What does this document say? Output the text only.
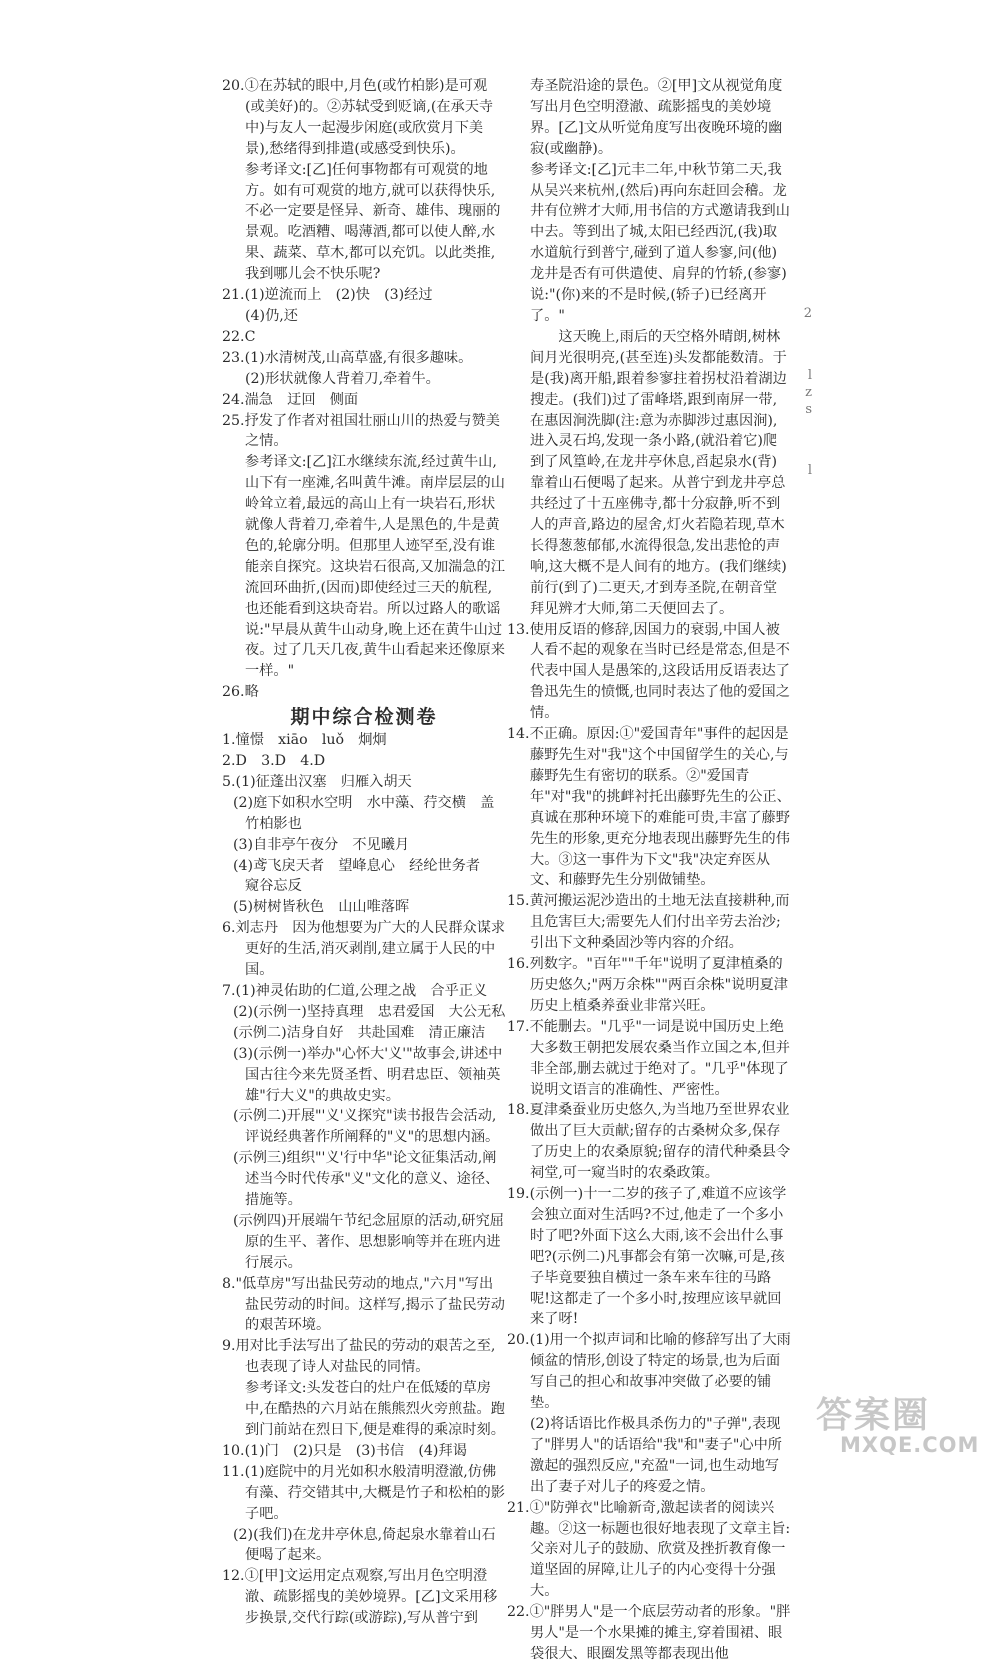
20.①在苏轼的眼中,月色(或竹柏影)是可观(或美好)的。②苏轼受到贬谪,(在承天寺中)与友人一起漫步闲庭(或欣赏月下美景),愁绪得到排遣(或感受到快乐)。

参考译文:[乙]任何事物都有可观赏的地方。如有可观赏的地方,就可以获得快乐,不必一定要是怪异、新奇、雄伟、瑰丽的景观。吃酒糟、喝薄酒,都可以使人醉,水果、蔬菜、草木,都可以充饥。以此类推,我到哪儿会不快乐呢?

21.(1)逆流而上　(2)快　(3)经过

(4)仍,还

22.C

23.(1)水清树茂,山高草盛,有很多趣味。

(2)形状就像人背着刀,牵着牛。

24.湍急　迂回　侧面

25.抒发了作者对祖国壮丽山川的热爱与赞美之情。

参考译文:[乙]江水继续东流,经过黄牛山,山下有一座滩,名叫黄牛滩。南岸层层的山岭耸立着,最远的高山上有一块岩石,形状就像人背着刀,牵着牛,人是黑色的,牛是黄色的,轮廓分明。但那里人迹罕至,没有谁能亲自探究。这块岩石很高,又加湍急的江流回环曲折,(因而)即使经过三天的航程,也还能看到这块奇岩。所以过路人的歌谣说:"早晨从黄牛山动身,晚上还在黄牛山过夜。过了几天几夜,黄牛山看起来还像原来一样。"

26.略

期中综合检测卷

1.憧憬　xiāo　luǒ　炯炯

2.D　3.D　4.D

5.(1)征蓬出汉塞　归雁入胡天

(2)庭下如积水空明　水中藻、荇交横　盖竹柏影也

(3)自非亭午夜分　不见曦月

(4)鸢飞戾天者　望峰息心　经纶世务者　窥谷忘反

(5)树树皆秋色　山山唯落晖

6.刘志丹　因为他想要为广大的人民群众谋求更好的生活,消灭剥削,建立属于人民的中国。

7.(1)神灵佑助的仁道,公理之战　合乎正义

(2)(示例一)坚持真理　忠君爱国　大公无私

(示例二)洁身自好　共赴国难　清正廉洁

(3)(示例一)举办"心怀大'义'"故事会,讲述中国古往今来先贤圣哲、明君忠臣、领袖英雄"行大义"的典故史实。

(示例二)开展"'义'义探究"读书报告会活动,评说经典著作所阐释的"义"的思想内涵。

(示例三)组织"'义'行中华"论文征集活动,阐述当今时代传承"义"文化的意义、途径、措施等。

(示例四)开展端午节纪念屈原的活动,研究屈原的生平、著作、思想影响等并在班内进行展示。

8."低草房"写出盐民劳动的地点,"六月"写出盐民劳动的时间。这样写,揭示了盐民劳动的艰苦环境。

9.用对比手法写出了盐民的劳动的艰苦之至,也表现了诗人对盐民的同情。

参考译文:头发苍白的灶户在低矮的草房中,在酷热的六月站在熊熊烈火旁煎盐。跑到门前站在烈日下,便是难得的乘凉时刻。

10.(1)门　(2)只是　(3)书信　(4)拜谒

11.(1)庭院中的月光如积水般清明澄澈,仿佛有藻、荇交错其中,大概是竹子和松柏的影子吧。

(2)(我们)在龙井亭休息,倚起泉水靠着山石便喝了起来。

12.①[甲]文运用定点观察,写出月色空明澄澈、疏影摇曳的美妙境界。[乙]文采用移步换景,交代行踪(或游踪),写从普宁到

寿圣院沿途的景色。②[甲]文从视觉角度写出月色空明澄澈、疏影摇曳的美妙境界。[乙]文从听觉角度写出夜晚环境的幽寂(或幽静)。

参考译文:[乙]元丰二年,中秋节第二天,我从吴兴来杭州,(然后)再向东赶回会稽。龙井有位辨才大师,用书信的方式邀请我到山中去。等到出了城,太阳已经西沉,(我)取水道航行到普宁,碰到了道人参寥,问(他)龙井是否有可供遣使、肩舁的竹轿,(参寥)说:"(你)来的不是时候,(轿子)已经离开了。"

这天晚上,雨后的天空格外晴朗,树林间月光很明亮,(甚至连)头发都能数清。于是(我)离开船,跟着参寥拄着拐杖沿着湖边搜走。(我们)过了雷峰塔,跟到南屏一带,在惠因涧洗脚(注:意为赤脚涉过惠因涧),进入灵石坞,发现一条小路,(就沿着它)爬到了风篁岭,在龙井亭休息,舀起泉水(背)靠着山石便喝了起来。从普宁到龙井亭总共经过了十五座佛寺,都十分寂静,听不到人的声音,路边的屋舍,灯火若隐若现,草木长得葱葱郁郁,水流得很急,发出悲怆的声响,这大概不是人间有的地方。(我们继续)前行(到了)二更天,才到寿圣院,在朝音堂拜见辨才大师,第二天便回去了。

13.使用反语的修辞,因国力的衰弱,中国人被人看不起的观象在当时已经是常态,但是不代表中国人是愚笨的,这段话用反语表达了鲁迅先生的愤慨,也同时表达了他的爱国之情。

14.不正确。原因:①"爱国青年"事件的起因是藤野先生对"我"这个中国留学生的关心,与藤野先生有密切的联系。②"爱国青年"对"我"的挑衅衬托出藤野先生的公正、真诚在那种环境下的难能可贵,丰富了藤野先生的形象,更充分地表现出藤野先生的伟大。③这一事件为下文"我"决定弃医从文、和藤野先生分别做铺垫。

15.黄河搬运泥沙造出的土地无法直接耕种,而且危害巨大;需要先人们付出辛劳去治沙;引出下文种桑固沙等内容的介绍。

16.列数字。"百年""千年"说明了夏津植桑的历史悠久;"两万余株""两百余株"说明夏津历史上植桑养蚕业非常兴旺。

17.不能删去。"几乎"一词是说中国历史上绝大多数王朝把发展农桑当作立国之本,但并非全部,删去就过于绝对了。"几乎"体现了说明文语言的准确性、严密性。

18.夏津桑蚕业历史悠久,为当地乃至世界农业做出了巨大贡献;留存的古桑树众多,保存了历史上的农桑原貌;留存的清代种桑县令祠堂,可一窥当时的农桑政策。

19.(示例一)十一二岁的孩子了,难道不应该学会独立面对生活吗?不过,他走了一个多小时了吧?外面下这么大雨,该不会出什么事吧?(示例二)凡事都会有第一次嘛,可是,孩子毕竟要独自横过一条车来车往的马路呢!这都走了一个多小时,按理应该早就回来了呀!

20.(1)用一个拟声词和比喻的修辞写出了大雨倾盆的情形,创设了特定的场景,也为后面写自己的担心和故事冲突做了必要的铺垫。

(2)将话语比作极具杀伤力的"子弹",表现了"胖男人"的话语给"我"和"妻子"心中所激起的强烈反应,"充盈"一词,也生动地写出了妻子对儿子的疼爱之情。

21.①"防弹衣"比喻新奇,激起读者的阅读兴趣。②这一标题也很好地表现了文章主旨:父亲对儿子的鼓励、欣赏及挫折教育像一道坚固的屏障,让儿子的内心变得十分强大。

22.①"胖男人"是一个底层劳动者的形象。"胖男人"是一个水果摊的摊主,穿着围裙、眼袋很大、眼圈发黑等都表现出他

2
l
z
s
l
答案圈
MXQE.COM
